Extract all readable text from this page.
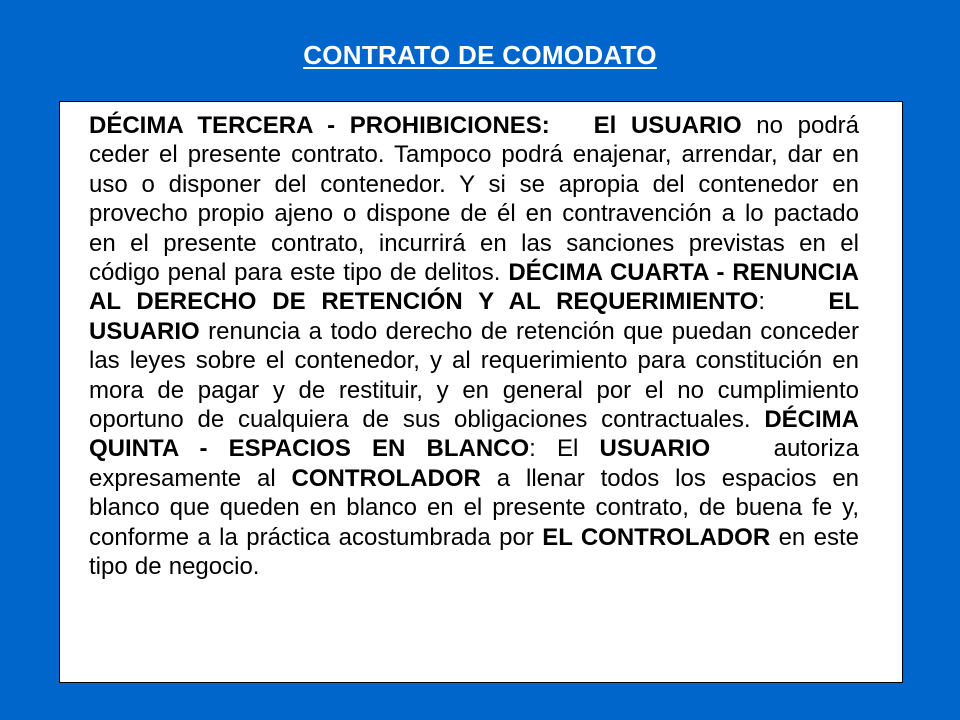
CONTRATO DE COMODATO
DÉCIMA TERCERA - PROHIBICIONES: El USUARIO no podrá ceder el presente contrato. Tampoco podrá enajenar, arrendar, dar en uso o disponer del contenedor. Y si se apropia del contenedor en provecho propio ajeno o dispone de él en contravención a lo pactado en el presente contrato, incurrirá en las sanciones previstas en el código penal para este tipo de delitos. DÉCIMA CUARTA - RENUNCIA AL DERECHO DE RETENCIÓN Y AL REQUERIMIENTO:	EL USUARIO renuncia a todo derecho de retención que puedan conceder las leyes sobre el contenedor, y al requerimiento para constitución en mora de pagar y de restituir, y en general por el no cumplimiento oportuno de cualquiera de sus obligaciones contractuales. DÉCIMA QUINTA - ESPACIOS EN BLANCO: El USUARIO	autoriza expresamente al CONTROLADOR a llenar todos los espacios en blanco que queden en blanco en el presente contrato, de buena fe y, conforme a la práctica acostumbrada por EL CONTROLADOR en este tipo de negocio.
